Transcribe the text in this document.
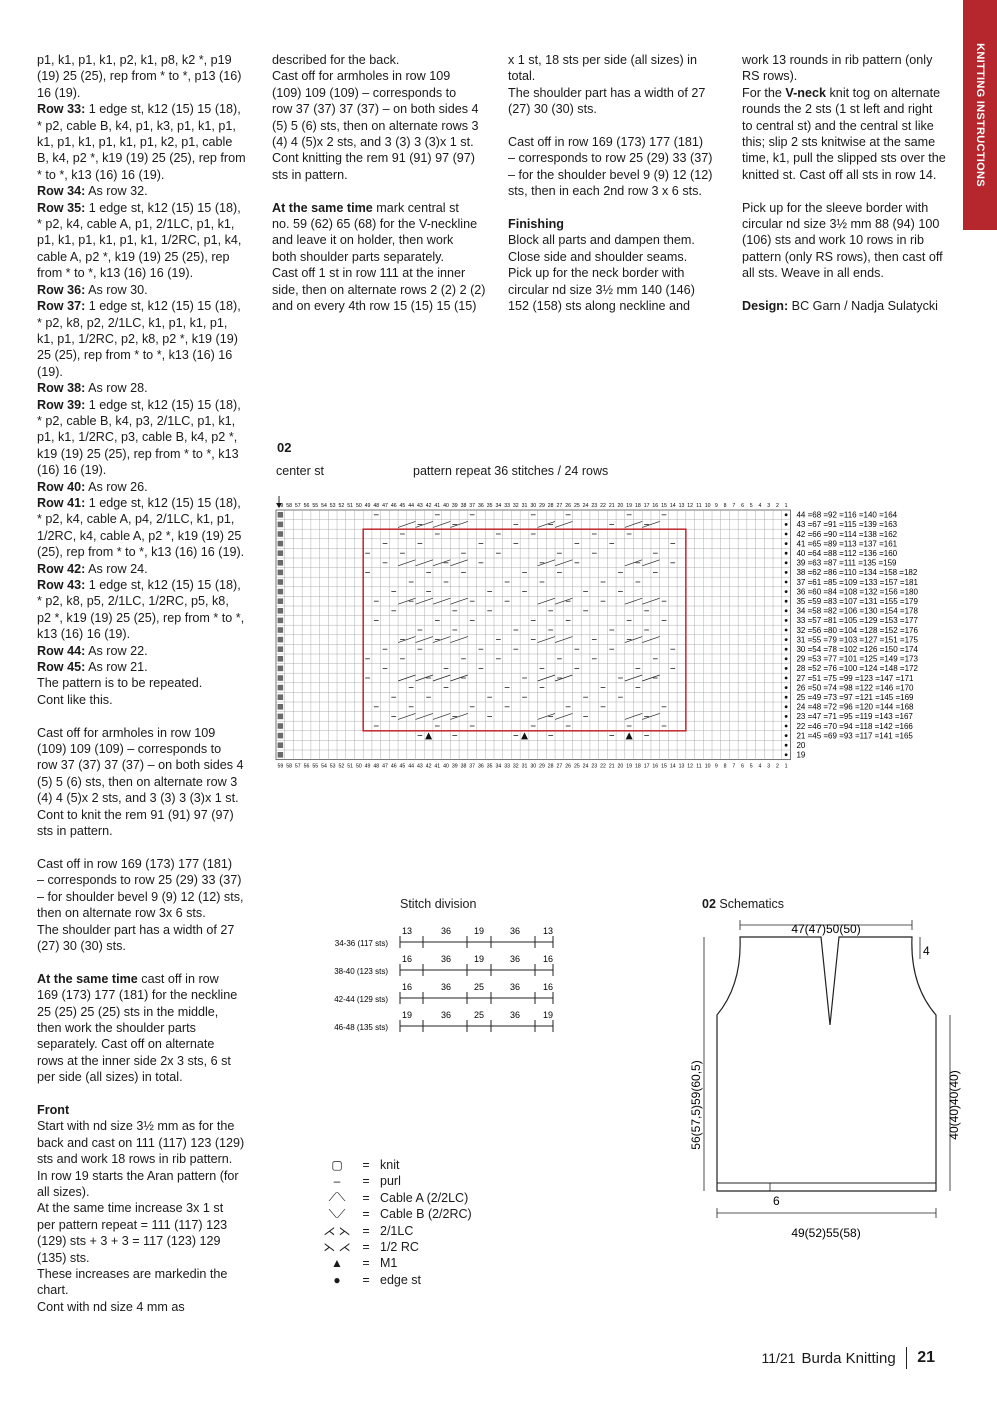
KNITTING INSTRUCTIONS

p1, k1, p1, k1, p2, k1, p8, k2 *, p19

(19) 25 (25), rep from * to *, p13 (16)

16 (19).

Row 33: 1 edge st, k12 (15) 15 (18),

* p2, cable B, k4, p1, k3, p1, k1, p1,

k1, p1, k1, p1, k1, p1, k2, p1, cable

B, k4, p2 *, k19 (19) 25 (25), rep from

* to *, k13 (16) 16 (19).

Row 34: As row 32.

Row 35: 1 edge st, k12 (15) 15 (18),

* p2, k4, cable A, p1, 2/1LC, p1, k1,

p1, k1, p1, k1, p1, k1, 1/2RC, p1, k4,

cable A, p2 *, k19 (19) 25 (25), rep

from * to *, k13 (16) 16 (19).

Row 36: As row 30.

Row 37: 1 edge st, k12 (15) 15 (18),

* p2, k8, p2, 2/1LC, k1, p1, k1, p1,

k1, p1, 1/2RC, p2, k8, p2 *, k19 (19)

25 (25), rep from * to *, k13 (16) 16

(19).

Row 38: As row 28.

Row 39: 1 edge st, k12 (15) 15 (18),

* p2, cable B, k4, p3, 2/1LC, p1, k1,

p1, k1, 1/2RC, p3, cable B, k4, p2 *,

k19 (19) 25 (25), rep from * to *, k13

(16) 16 (19).

Row 40: As row 26.

Row 41: 1 edge st, k12 (15) 15 (18),

* p2, k4, cable A, p4, 2/1LC, k1, p1,

1/2RC, k4, cable A, p2 *, k19 (19) 25

(25), rep from * to *, k13 (16) 16 (19).

Row 42: As row 24.

Row 43: 1 edge st, k12 (15) 15 (18),

* p2, k8, p5, 2/1LC, 1/2RC, p5, k8,

p2 *, k19 (19) 25 (25), rep from * to *,

k13 (16) 16 (19).

Row 44: As row 22.

Row 45: As row 21.

The pattern is to be repeated.

Cont like this.

Cast off for armholes in row 109

(109) 109 (109) – corresponds to

row 37 (37) 37 (37) – on both sides 4

(5) 5 (6) sts, then on alternate row 3

(4) 4 (5)x 2 sts, and 3 (3) 3 (3)x 1 st.

Cont to knit the rem 91 (91) 97 (97)

sts in pattern.

Cast off in row 169 (173) 177 (181)

– corresponds to row 25 (29) 33 (37)

– for shoulder bevel 9 (9) 12 (12) sts,

then on alternate row 3x 6 sts.

The shoulder part has a width of 27

(27) 30 (30) sts.

At the same time cast off in row

169 (173) 177 (181) for the neckline

25 (25) 25 (25) sts in the middle,

then work the shoulder parts

separately. Cast off on alternate

rows at the inner side 2x 3 sts, 6 st

per side (all sizes) in total.

Front

Start with nd size 3½ mm as for the

back and cast on 111 (117) 123 (129)

sts and work 18 rows in rib pattern.

In row 19 starts the Aran pattern (for

all sizes).

At the same time increase 3x 1 st

per pattern repeat = 111 (117) 123

(129) sts + 3 + 3 = 117 (123) 129

(135) sts.

These increases are markedin the

chart.

Cont with nd size 4 mm as

described for the back.

Cast off for armholes in row 109

(109) 109 (109) – corresponds to

row 37 (37) 37 (37) – on both sides 4

(5) 5 (6) sts, then on alternate rows 3

(4) 4 (5)x 2 sts, and 3 (3) 3 (3)x 1 st.

Cont knitting the rem 91 (91) 97 (97)

sts in pattern.

At the same time mark central st

no. 59 (62) 65 (68) for the V-neckline

and leave it on holder, then work

both shoulder parts separately.

Cast off 1 st in row 111 at the inner

side, then on alternate rows 2 (2) 2 (2)

and on every 4th row 15 (15) 15 (15)

x 1 st, 18 sts per side (all sizes) in

total.

The shoulder part has a width of 27

(27) 30 (30) sts.

Cast off in row 169 (173) 177 (181)

– corresponds to row 25 (29) 33 (37)

– for the shoulder bevel 9 (9) 12 (12)

sts, then in each 2nd row 3 x 6 sts.

Finishing

Block all parts and dampen them.

Close side and shoulder seams.

Pick up for the neck border with

circular nd size 3½ mm 140 (146)

152 (158) sts along neckline and

work 13 rounds in rib pattern (only

RS rows).

For the V-neck knit tog on alternate

rounds the 2 sts (1 st left and right

to central st) and the central st like

this; slip 2 sts knitwise at the same

time, k1, pull the slipped sts over the

knitted st. Cast off all sts in row 14.

Pick up for the sleeve border with

circular nd size 3½ mm 88 (94) 100

(106) sts and work 10 rows in rib

pattern (only RS rows), then cast off

all sts. Weave in all ends.

Design: BC Garn / Nadja Sulatycki

02
center st	pattern repeat 36 stitches / 24 rows
59
59
58
58
57
57
56
56
55
55
54
54
53
53
52
52
51
51
50
50
49
49
48
48
47
47
46
46
45
45
44
44
43
43
42
42
41
41
40
40
39
39
38
38
37
37
36
36
35
35
34
34
33
33
32
32
31
31
30
30
29
29
28
28
27
27
26
26
25
25
24
24
23
23
22
22
21
21
20
20
19
19
18
18
17
17
16
16
15
15
14
14
13
13
12
12
11
11
10
10
9
9
8
8
7
7
6
6
5
5
4
4
3
3
2
2
1
1
44 =68 =92 =116 =140 =164
43 =67 =91 =115 =139 =163
42 =66 =90 =114 =138 =162
41 =65 =89 =113 =137 =161
40 =64 =88 =112 =136 =160
39 =63 =87 =111 =135 =159
38 =62 =86 =110 =134 =158 =182
37 =61 =85 =109 =133 =157 =181
36 =60 =84 =108 =132 =156 =180
35 =59 =83 =107 =131 =155 =179
34 =58 =82 =106 =130 =154 =178
33 =57 =81 =105 =129 =153 =177
32 =56 =80 =104 =128 =152 =176
31 =55 =79 =103 =127 =151 =175
30 =54 =78 =102 =126 =150 =174
29 =53 =77 =101 =125 =149 =173
28 =52 =76 =100 =124 =148 =172
27 =51 =75 =99 =123 =147 =171
26 =50 =74 =98 =122 =146 =170
25 =49 =73 =97 =121 =145 =169
24 =48 =72 =96 =120 =144 =168
23 =47 =71 =95 =119 =143 =167
22 =46 =70 =94 =118 =142 =166
21 =45 =69 =93 =117 =141 =165
20
19
Stitch division
34-36 (117 sts)
13	36	19	36	13
38-40 (123 sts)
16	36	19	36	16
42-44 (129 sts)
16	36	25	36	16
46-48 (135 sts)
19	36	25	36	19
02 Schematics
47(47)50(50)
49(52)55(58)
56(57,5)59(60,5)	40(40)40(40)
6
4
▢	= knit
–	= purl
⟋⟍	= Cable A (2/2LC)
⟍⟋	= Cable B (2/2RC)
⋌ ⋋ = 2/1LC
⋋ ⋌ = 1/2 RC
▲	= M1
●	= edge st
11/21 Burda Knitting 21
